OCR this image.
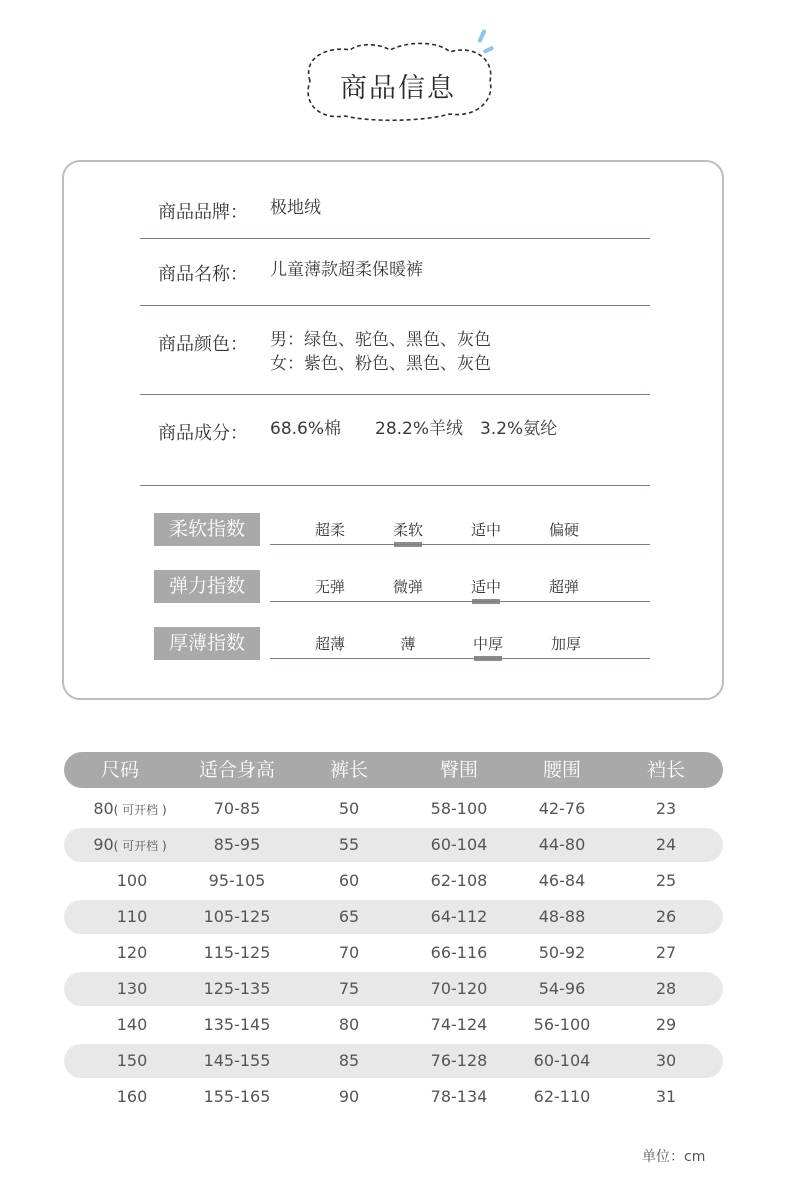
商品信息
商品品牌： 极地绒
商品名称： 儿童薄款超柔保暖裤
商品颜色： 男：绿色、驼色、黑色、灰色
女：紫色、粉色、黑色、灰色
商品成分： 68.6%棉　　28.2%羊绒　3.2%氨纶
柔软指数	超柔	柔软	适中	偏硬
弹力指数	无弹	微弹	适中	超弹
厚薄指数	超薄	薄	中厚	加厚
尺码	适合身高	裤长	臀围	腰围	裆长
80( 可开档 )	70-85	50	58-100	42-76	23
90( 可开档 )	85-95	55	60-104	44-80	24
100	95-105	60	62-108	46-84	25
110	105-125	65	64-112	48-88	26
120	115-125	70	66-116	50-92	27
130	125-135	75	70-120	54-96	28
140	135-145	80	74-124	56-100	29
150	145-155	85	76-128	60-104	30
160	155-165	90	78-134	62-110	31
单位：cm
